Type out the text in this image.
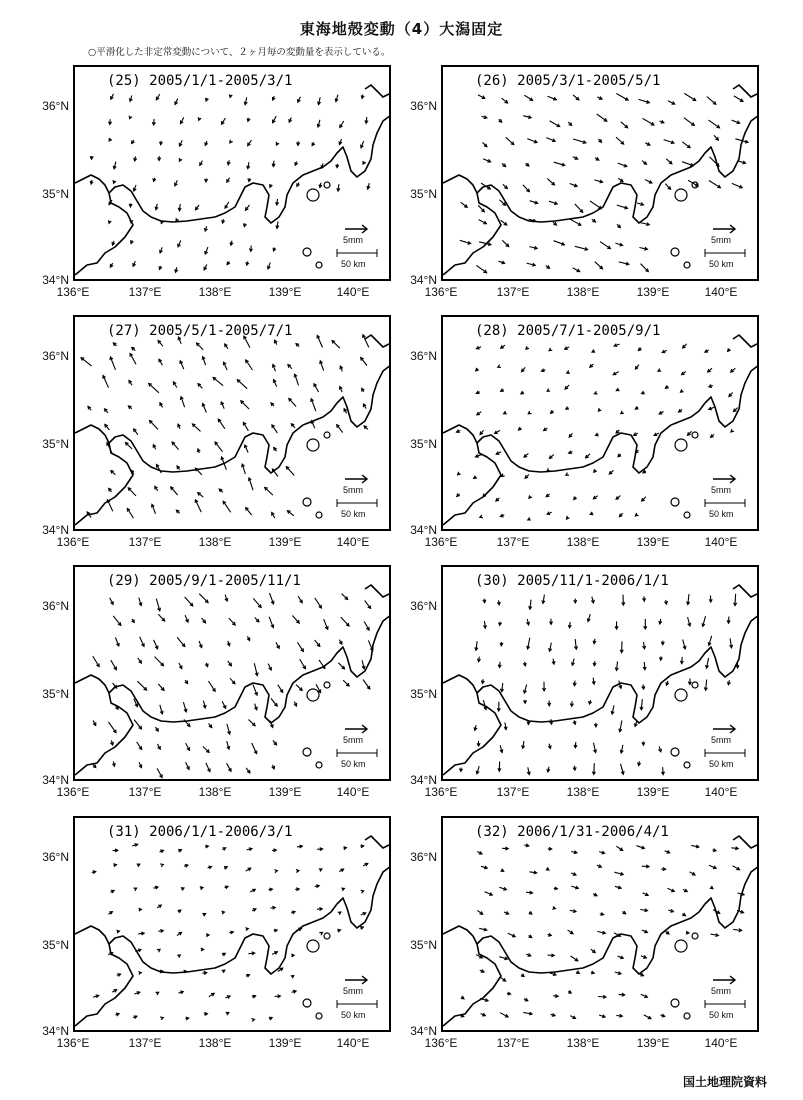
東海地殻変動（4）大潟固定
○平滑化した非定常変動について、２ヶ月毎の変動量を表示している。
(25) 2005/1/1-2005/3/1
5mm
50 km
36°N
35°N
34°N
136°E	137°E	138°E	139°E	140°E
(26) 2005/3/1-2005/5/1
5mm
50 km
36°N
35°N
34°N
136°E	137°E	138°E	139°E	140°E
(27) 2005/5/1-2005/7/1
5mm
50 km
36°N
35°N
34°N
136°E	137°E	138°E	139°E	140°E
(28) 2005/7/1-2005/9/1
5mm
50 km
36°N
35°N
34°N
136°E	137°E	138°E	139°E	140°E
(29) 2005/9/1-2005/11/1
5mm
50 km
36°N
35°N
34°N
136°E	137°E	138°E	139°E	140°E
(30) 2005/11/1-2006/1/1
5mm
50 km
36°N
35°N
34°N
136°E	137°E	138°E	139°E	140°E
(31) 2006/1/1-2006/3/1
5mm
50 km
36°N
35°N
34°N
136°E	137°E	138°E	139°E	140°E
(32) 2006/1/31-2006/4/1
5mm
50 km
36°N
35°N
34°N
136°E	137°E	138°E	139°E	140°E
国土地理院資料
